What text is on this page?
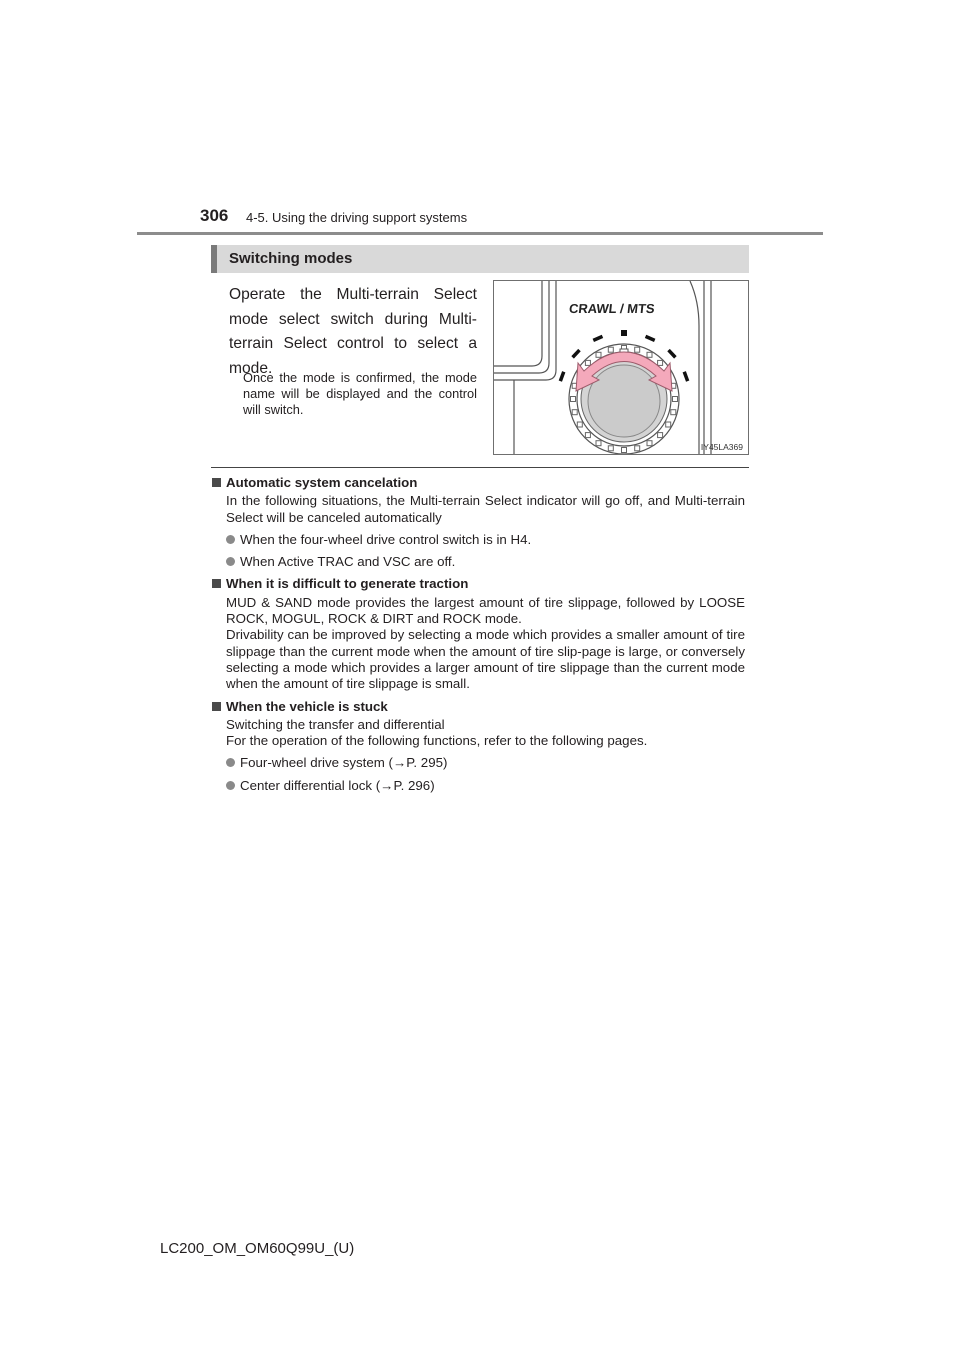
306 4-5. Using the driving support systems
Switching modes
Operate the Multi-terrain Select mode select switch during Multi-terrain Select control to select a mode.
Once the mode is confirmed, the mode name will be displayed and the control will switch.
CRAWL / MTS
IY45LA369
Automatic system cancelation
In the following situations, the Multi-terrain Select indicator will go off, and Multi-terrain Select will be canceled automatically
When the four-wheel drive control switch is in H4.
When Active TRAC and VSC are off.
When it is difficult to generate traction
MUD & SAND mode provides the largest amount of tire slippage, followed by LOOSE ROCK, MOGUL, ROCK & DIRT and ROCK mode.
Drivability can be improved by selecting a mode which provides a smaller amount of tire slippage than the current mode when the amount of tire slip-page is large, or conversely selecting a mode which provides a larger amount of tire slippage than the current mode when the amount of tire slippage is small.
When the vehicle is stuck
Switching the transfer and differential
For the operation of the following functions, refer to the following pages.
Four-wheel drive system (→P. 295)
Center differential lock (→P. 296)
LC200_OM_OM60Q99U_(U)
